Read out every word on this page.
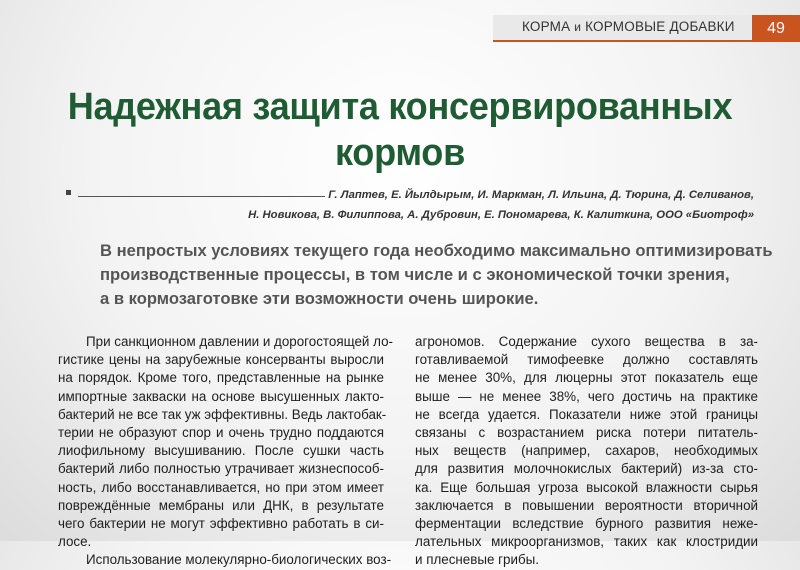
КОРМА и КОРМОВЫЕ ДОБАВКИ	49
Надежная защита консервированных
кормов
Г. Лаптев, Е. Йылдырым, И. Маркман, Л. Ильина, Д. Тюрина, Д. Селиванов,
Н. Новикова, В. Филиппова, А. Дубровин, Е. Пономарева, К. Калиткина, ООО «Биотроф»
В непростых условиях текущего года необходимо максимально оптимизировать
производственные процессы, в том числе и с экономической точки зрения,
а в кормозаготовке эти возможности очень широкие.
При санкционном давлении и дорогостоящей ло-
гистике цены на зарубежные консерванты выросли
на порядок. Кроме того, представленные на рынке
импортные закваски на основе высушенных лакто-
бактерий не все так уж эффективны. Ведь лактобак-
терии не образуют спор и очень трудно поддаются
лиофильному высушиванию. После сушки часть
бактерий либо полностью утрачивает жизнеспособ-
ность, либо восстанавливается, но при этом имеет
повреждённые мембраны или ДНК, в результате
чего бактерии не могут эффективно работать в си-
лосе.
Использование молекулярно-биологических воз-
агрономов. Содержание сухого вещества в за-
готавливаемой тимофеевке должно составлять
не менее 30%, для люцерны этот показатель еще
выше — не менее 38%, чего достичь на практике
не всегда удается. Показатели ниже этой границы
связаны с возрастанием риска потери питатель-
ных веществ (например, сахаров, необходимых
для развития молочнокислых бактерий) из-за сто-
ка. Еще большая угроза высокой влажности сырья
заключается в повышении вероятности вторичной
ферментации вследствие бурного развития неже-
лательных микроорганизмов, таких как клостридии
и плесневые грибы.
